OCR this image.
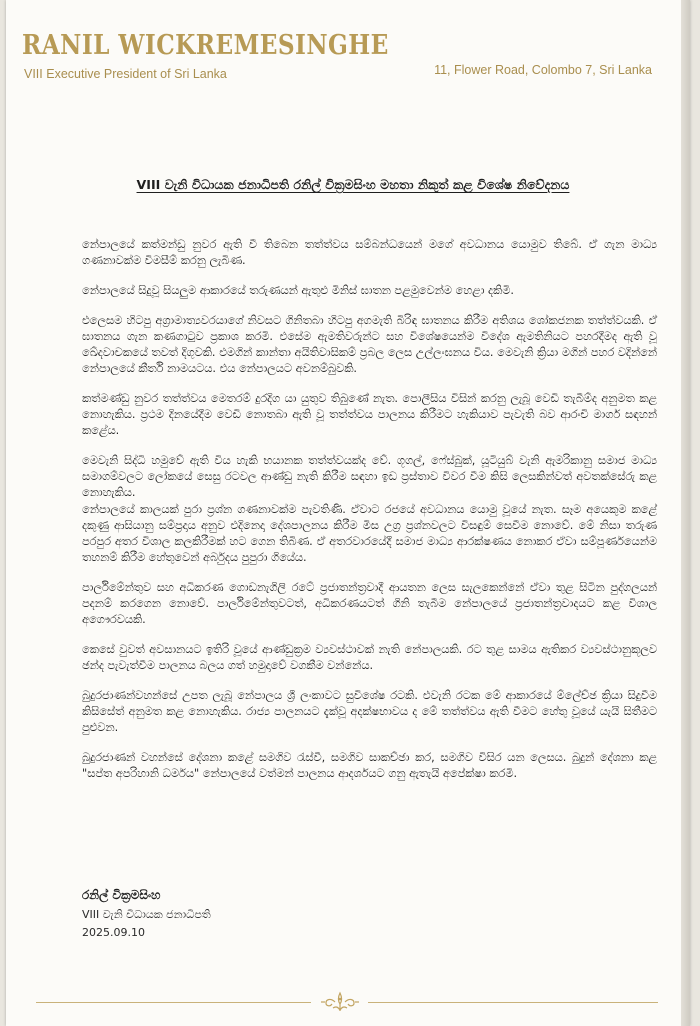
RANIL WICKREMESINGHE
VIII Executive President of Sri Lanka	11, Flower Road, Colombo 7, Sri Lanka
VIII වැනි විධායක ජනාධිපති රනිල් වික්‍රමසිංහ මහතා නිකුත් කළ විශේෂ නිවේදනය

නේපාලයේ කත්මන්ඩු නුවර ඇති වී තිබෙන තත්ත්වය සම්බන්ධයෙන් මගේ අවධානය යොමුව තිබේ. ඒ ගැන මාධ්‍ය ගණනාවක්ම විමසීම් කරනු ලැබිණ.

නේපාලයේ සිදුවූ සියලුම ආකාරයේ තරුණයන් ඇතුළු මිනිස් ඝාතන පළමුවෙන්ම හෙළා දකිමි.

එලෙසම හිටපු අග්‍රාමාත්‍යවරයාගේ නිවසට ගිනිතබා හිටපු අගමැති බිරිඳ ඝාතනය කිරීම අතිශය ශෝකජනක තත්ත්වයකි. ඒ ඝාතනය ගැන කණගාටුව ප්‍රකාශ කරමි. එසේම ඇමතිවරුන්ට සහ විශේෂයෙන්ම විදේශ ඇමතිනියට පහරදීමද ඇති වූ ඛේදවාචකයේ තවත් දිගුවකි. එමගින් කාන්තා අයිතිවාසිකම් ප්‍රබල ලෙස උල්ලංඝනය විය. මෙවැනි ක්‍රියා මගින් පහර වදින්නේ නේපාලයේ කීර්ති නාමයටය. එය නේපාලයට අවනම්බුවකි.

කත්මණ්ඩු නුවර තත්ත්වය මෙතරම් දුරදිග යා යුතුව තිබුණේ නැත. පොලීසිය විසින් කරනු ලැබූ වෙඩි තැබීම්ද අනුමත කළ නොහැකිය. ප්‍රථම දිනයේදීම වෙඩි නොතබා ඇති වූ තත්ත්වය පාලනය කිරීමට හැකියාව පැවැති බව ආරංචි මාර්ග සඳහන් කළේය.

මෙවැනි සිද්ධි හමුවේ ඇති විය හැකි භයානක තත්ත්වයක්ද වේ. ගූගල්, ෆේස්බුක්, යූටියුබ් වැනි ඇමරිකානු සමාජ මාධ්‍ය සමාගම්වලට ලෝකයේ සෙසු රටවල ආණ්ඩු නැති කිරීම සඳහා ඉඩ ප්‍රස්තාව විවර වීම කිසි ලෙසකින්වත් අවතක්සේරු කළ නොහැකිය.

නේපාලයේ කාලයක් පුරා ප්‍රශ්න ගණනාවක්ම පැවතිණි. ඒවාට රජයේ අවධානය යොමු වූයේ නැත. සෑම අයෙකුම කළේ දකුණු ආසියානු සම්ප්‍රදාය අනුව එදිනෙදා දේශපාලනය කිරීම මිස උග්‍ර ප්‍රශ්නවලට විසඳුම් සෙවීම නොවේ. මේ නිසා තරුණ පරපුර අතර විශාල කලකිරීමක් හට ගෙන තිබිණ. ඒ අතරවාරයේදී සමාජ මාධ්‍ය ආරක්ෂණය නොකර ඒවා සම්පූර්ණයෙන්ම තහනම් කිරීම හේතුවෙන් අර්බුදය පුපුරා ගියේය.

පාර්ලිමේන්තුව සහ අධිකරණ ගොඩනැගිලි රටේ ප්‍රජාතන්ත්‍රවාදී ආයතන ලෙස සැලකෙන්නේ ඒවා තුළ සිටින පුද්ගලයන් පදනම් කරගෙන නොවේ. පාර්ලිමේන්තුවටත්, අධිකරණයටත් ගිනි තැබීම නේපාලයේ ප්‍රජාතන්ත්‍රවාදයට කළ විශාල අගෞරවයකි.

කෙසේ වුවත් අවසානයට ඉතිරි වූයේ ආණ්ඩුක්‍රම ව්‍යවස්ථාවක් නැති නේපාලයකි. රට තුළ සාමය ඇතිකර ව්‍යවස්ථානුකූලව ඡන්ද පැවැත්වීම පාලනය බලය ගත් හමුදාවේ වගකීම වන්නේය.

බුදුරජාණන්වහන්සේ උපත ලැබූ නේපාලය ශ්‍රී ලංකාවට සුවිශේෂ රටකි. එවැනි රටක මේ ආකාරයේ ම්ලේච්ඡ ක්‍රියා සිදුවීම කිසිසේත් අනුමත කළ නොහැකිය. රාජ්‍ය පාලනයට දැක්වූ අදක්ෂභාවය ද මේ තත්ත්වය ඇති වීමට හේතු වූයේ යැයි සිතීමට පුළුවන.

බුදුරජාණන් වහන්සේ දේශනා කළේ සමගිව රැස්වී, සමගිව සාකච්ඡා කර, සමගිව විසිර යන ලෙසය. බුදුන් දේශනා කළ "සප්ත අපරිහානි ධර්මය" නේපාලයේ වත්මන් පාලනය ආදර්ශයට ගනු ඇතැයි අපේක්ෂා කරමි.

රනිල් වික්‍රමසිංහ

VIII වැනි විධායක ජනාධිපති

2025.09.10
